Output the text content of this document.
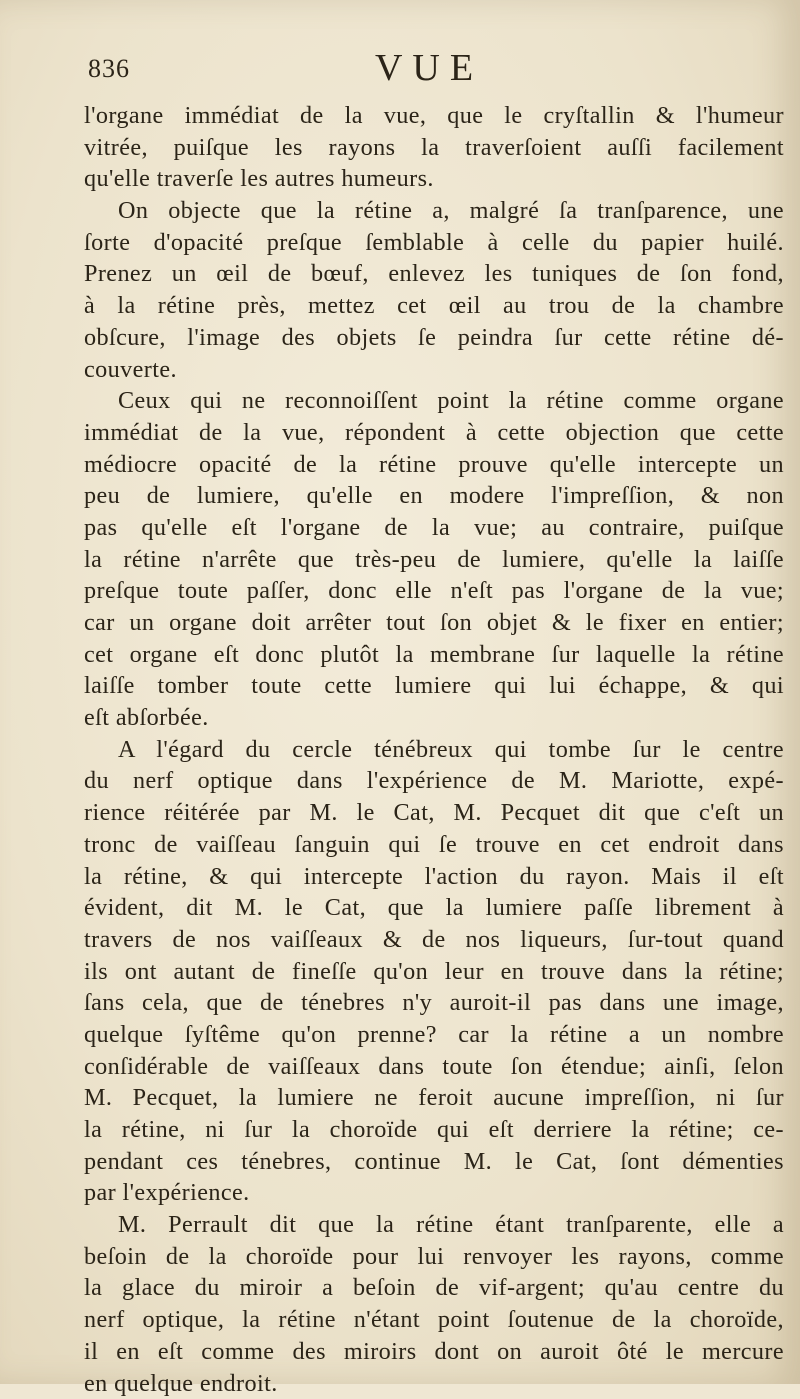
836	VUE
l'organe immédiat de la vue, que le cryſtallin & l'humeur
vitrée, puiſque les rayons la traverſoient auſſi facilement
qu'elle traverſe les autres humeurs.
On objecte que la rétine a, malgré ſa tranſparence, une
ſorte d'opacité preſque ſemblable à celle du papier huilé.
Prenez un œil de bœuf, enlevez les tuniques de ſon fond,
à la rétine près, mettez cet œil au trou de la chambre
obſcure, l'image des objets ſe peindra ſur cette rétine dé-
couverte.
Ceux qui ne reconnoiſſent point la rétine comme organe
immédiat de la vue, répondent à cette objection que cette
médiocre opacité de la rétine prouve qu'elle intercepte un
peu de lumiere, qu'elle en modere l'impreſſion, & non
pas qu'elle eſt l'organe de la vue; au contraire, puiſque
la rétine n'arrête que très-peu de lumiere, qu'elle la laiſſe
preſque toute paſſer, donc elle n'eſt pas l'organe de la vue;
car un organe doit arrêter tout ſon objet & le fixer en entier;
cet organe eſt donc plutôt la membrane ſur laquelle la rétine
laiſſe tomber toute cette lumiere qui lui échappe, & qui
eſt abſorbée.
A l'égard du cercle ténébreux qui tombe ſur le centre
du nerf optique dans l'expérience de M. Mariotte, expé-
rience réitérée par M. le Cat, M. Pecquet dit que c'eſt un
tronc de vaiſſeau ſanguin qui ſe trouve en cet endroit dans
la rétine, & qui intercepte l'action du rayon. Mais il eſt
évident, dit M. le Cat, que la lumiere paſſe librement à
travers de nos vaiſſeaux & de nos liqueurs, ſur-tout quand
ils ont autant de fineſſe qu'on leur en trouve dans la rétine;
ſans cela, que de ténebres n'y auroit-il pas dans une image,
quelque ſyſtême qu'on prenne? car la rétine a un nombre
conſidérable de vaiſſeaux dans toute ſon étendue; ainſi, ſelon
M. Pecquet, la lumiere ne feroit aucune impreſſion, ni ſur
la rétine, ni ſur la choroïde qui eſt derriere la rétine; ce-
pendant ces ténebres, continue M. le Cat, ſont démenties
par l'expérience.
M. Perrault dit que la rétine étant tranſparente, elle a
beſoin de la choroïde pour lui renvoyer les rayons, comme
la glace du miroir a beſoin de vif-argent; qu'au centre du
nerf optique, la rétine n'étant point ſoutenue de la choroïde,
il en eſt comme des miroirs dont on auroit ôté le mercure
en quelque endroit.
